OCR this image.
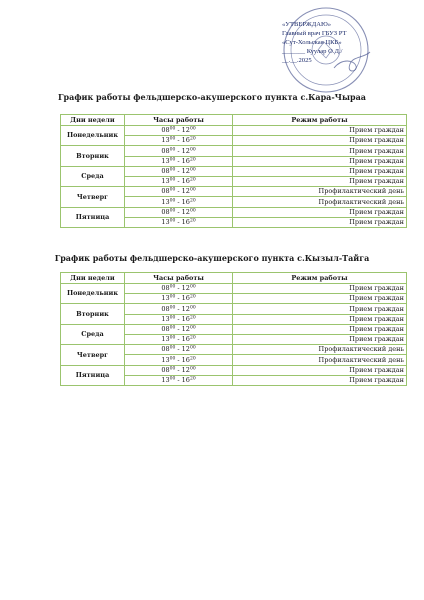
«УТВЕРЖДАЮ»
Главный врач ГБУЗ РТ
«Сут-Хольская ЦКБ»
_______ Куулар О.Д./
__.__.2025
График работы фельдшерско-акушерского пункта с.Кара-Чыраа
Дни недели	Часы работы	Режим работы
Понедельник	$08^{00} - 12^{00}$	Прием граждан
	$13^{00} - 16^{20}$	Прием граждан
Вторник	$08^{00} - 12^{00}$	Прием граждан
	$13^{00} - 16^{20}$	Прием граждан
Среда	$08^{00} - 12^{00}$	Прием граждан
	$13^{00} - 16^{20}$	Прием граждан
Четверг	$08^{00} - 12^{00}$	Профилактический день
	$13^{00} - 16^{20}$	Профилактический день
Пятница	$08^{00} - 12^{00}$	Прием граждан
	$13^{00} - 16^{20}$	Прием граждан
График работы фельдшерско-акушерского пункта с.Кызыл-Тайга
Дни недели	Часы работы	Режим работы
Понедельник	$08^{00} - 12^{00}$	Прием граждан
	$13^{00} - 16^{20}$	Прием граждан
Вторник	$08^{00} - 12^{00}$	Прием граждан
	$13^{00} - 16^{20}$	Прием граждан
Среда	$08^{00} - 12^{00}$	Прием граждан
	$13^{00} - 16^{20}$	Прием граждан
Четверг	$08^{00} - 12^{00}$	Профилактический день
	$13^{00} - 16^{20}$	Профилактический день
Пятница	$08^{00} - 12^{00}$	Прием граждан
	$13^{00} - 16^{20}$	Прием граждан
